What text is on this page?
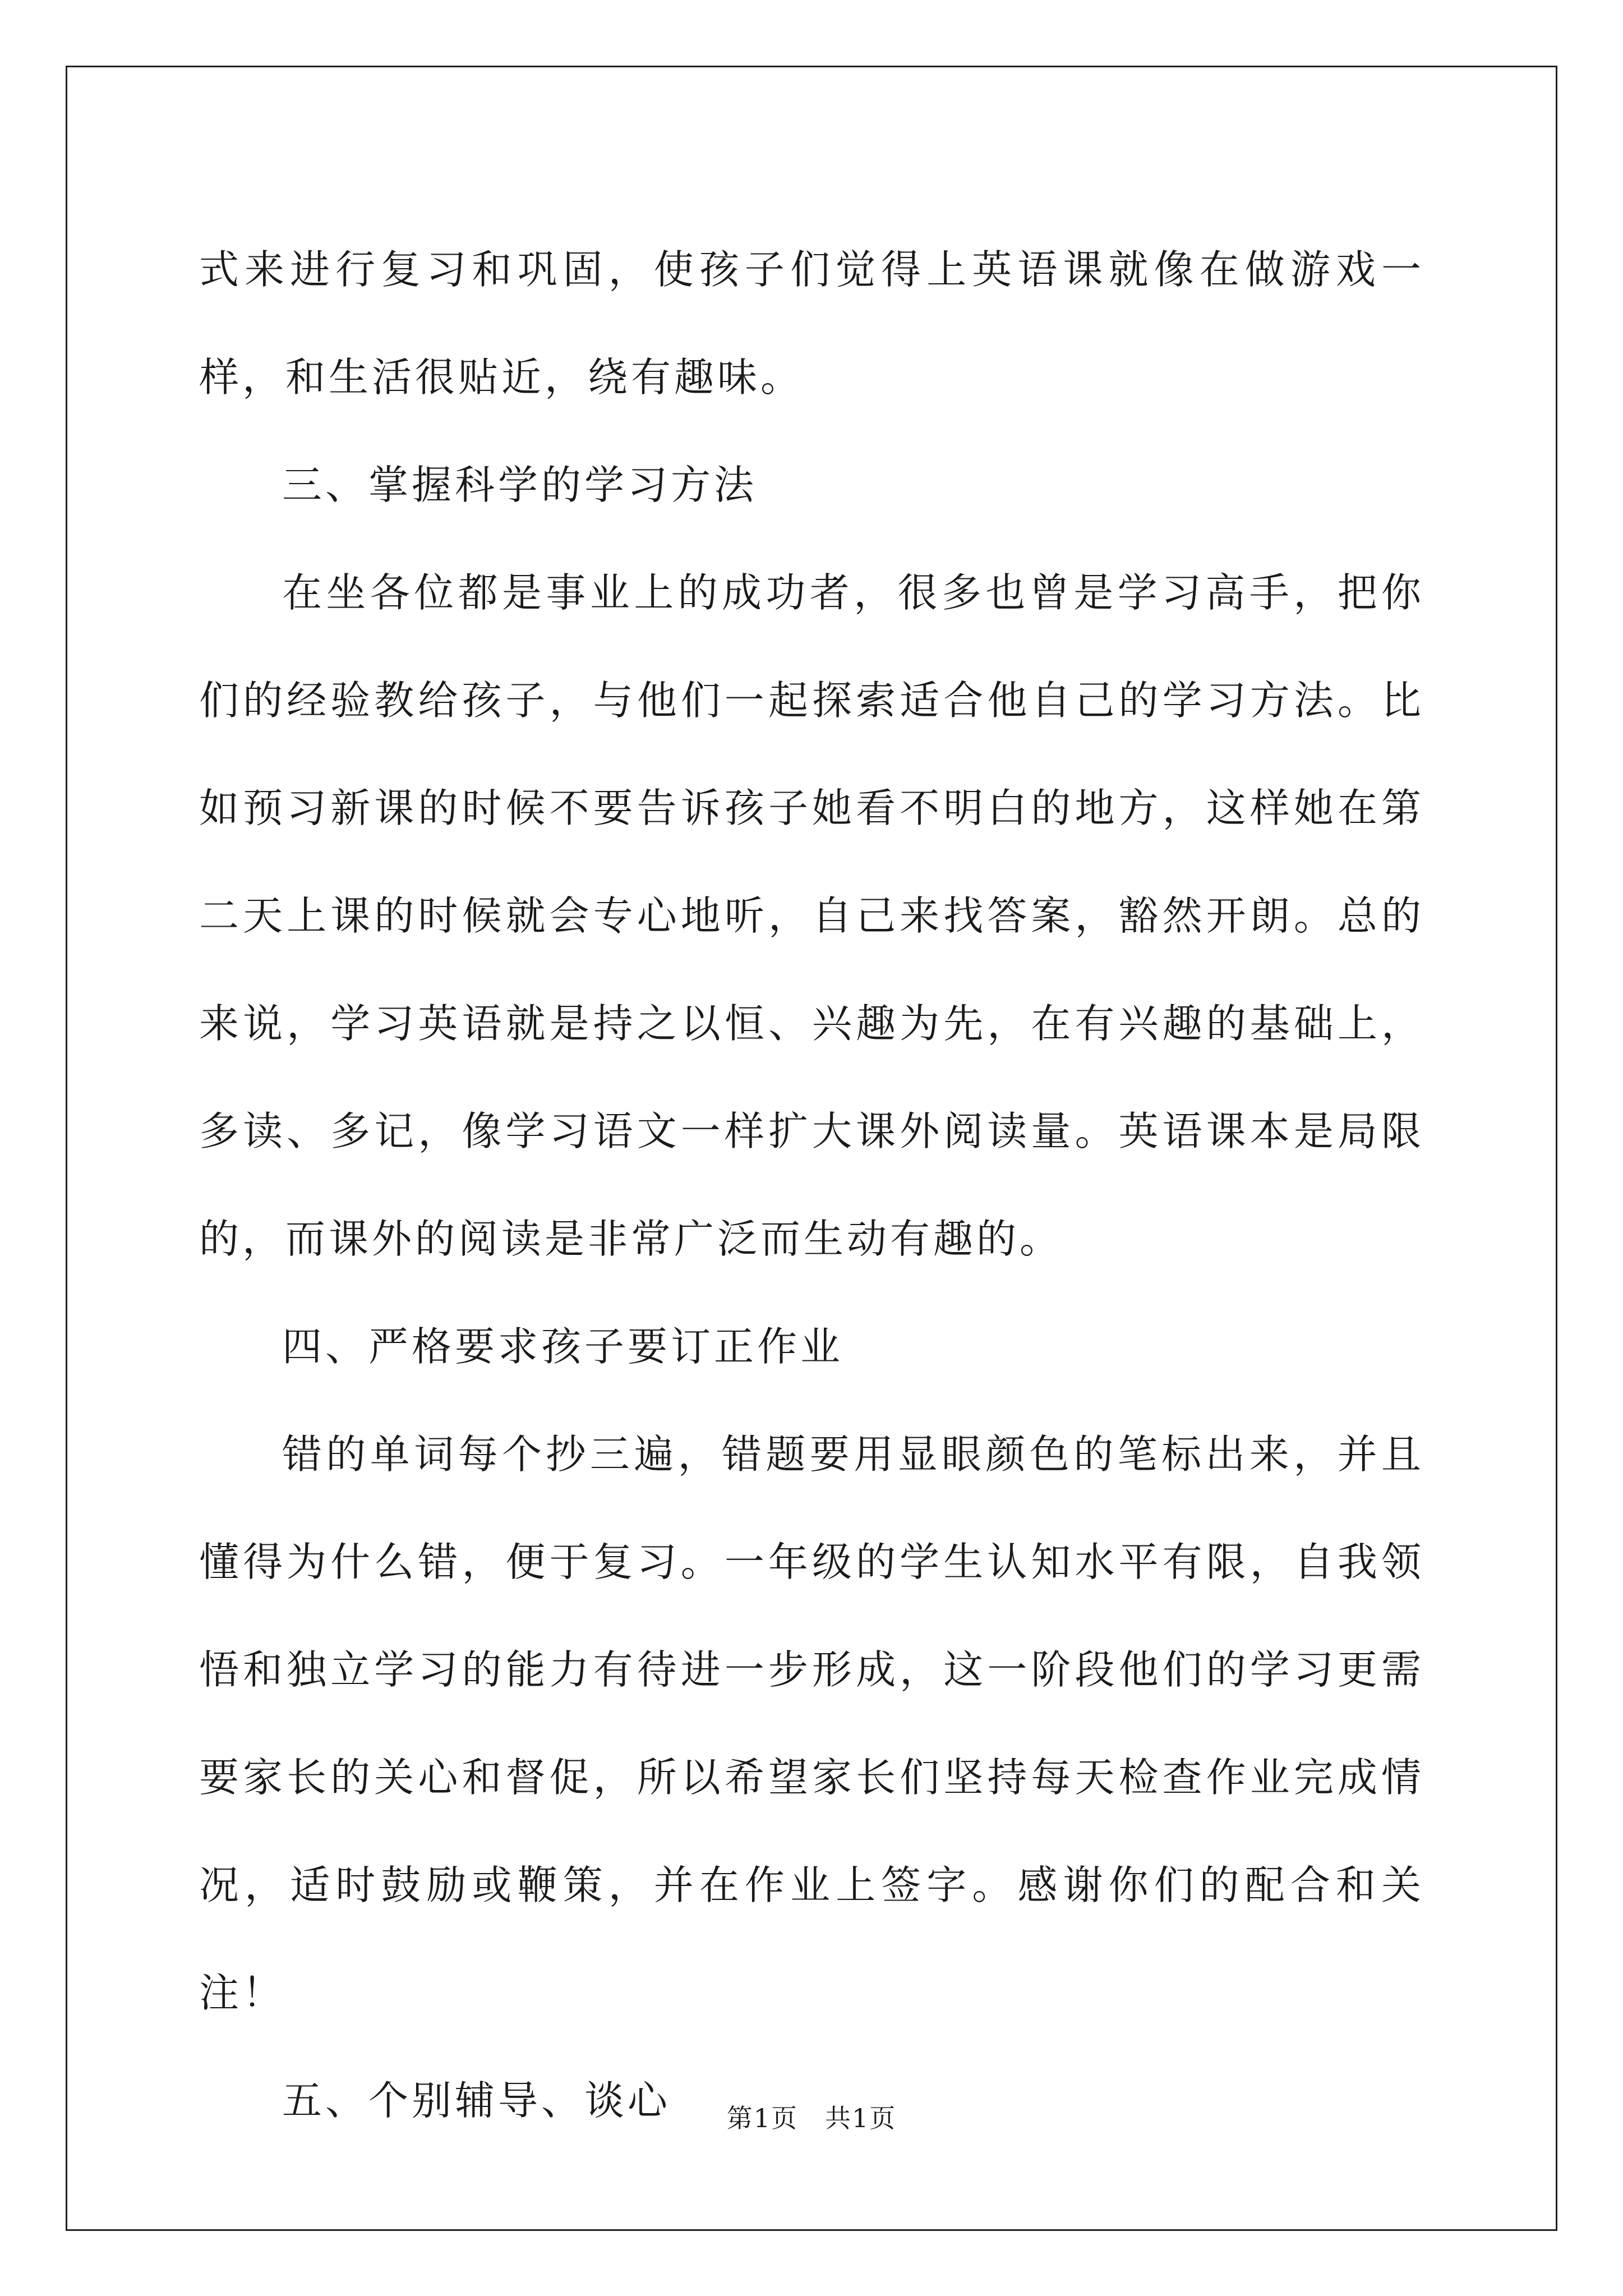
式来进行复习和巩固，使孩子们觉得上英语课就像在做游戏一样，和生活很贴近，绕有趣味。

三、掌握科学的学习方法

在坐各位都是事业上的成功者，很多也曾是学习高手，把你们的经验教给孩子，与他们一起探索适合他自己的学习方法。比如预习新课的时候不要告诉孩子她看不明白的地方，这样她在第二天上课的时候就会专心地听，自己来找答案，豁然开朗。总的来说，学习英语就是持之以恒、兴趣为先，在有兴趣的基础上，多读、多记，像学习语文一样扩大课外阅读量。英语课本是局限的，而课外的阅读是非常广泛而生动有趣的。

四、严格要求孩子要订正作业

错的单词每个抄三遍，错题要用显眼颜色的笔标出来，并且懂得为什么错，便于复习。一年级的学生认知水平有限，自我领悟和独立学习的能力有待进一步形成，这一阶段他们的学习更需要家长的关心和督促，所以希望家长们坚持每天检查作业完成情况，适时鼓励或鞭策，并在作业上签字。感谢你们的配合和关注！

五、个别辅导、谈心	第1页 共1页
